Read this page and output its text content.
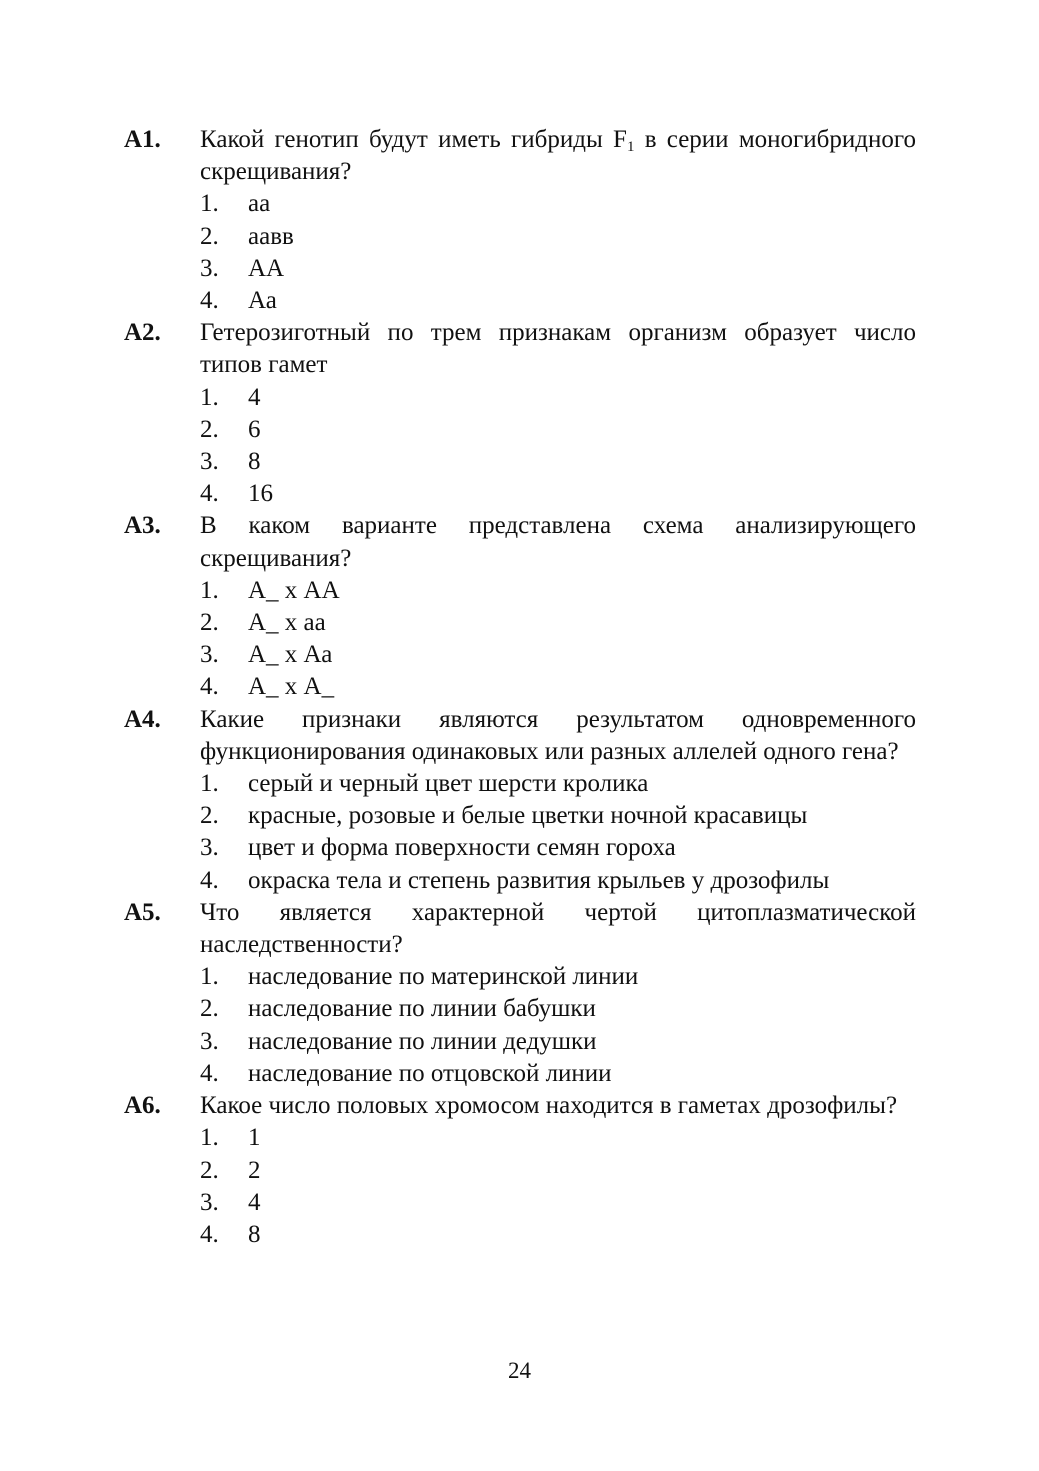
A1. Какой генотип будут иметь гибриды $F_1$ в серии моногибридного скрещивания?
1.	аа
2.	аавв
3.	АА
4.	Аа
A2. Гетерозиготный по трем признакам организм образует число типов гамет
1.	4
2.	6
3.	8
4.	16
A3. В каком варианте представлена схема анализирующего скрещивания?
1.	А_ х АА
2.	А_ х аа
3.	А_ х Аа
4.	А_ х А_
A4. Какие признаки являются результатом одновременного функционирования одинаковых или разных аллелей одного гена?
1.	серый и черный цвет шерсти кролика
2.	красные, розовые и белые цветки ночной красавицы
3.	цвет и форма поверхности семян гороха
4.	окраска тела и степень развития крыльев у дрозофилы
A5. Что является характерной чертой цитоплазматической наследственности?
1.	наследование по материнской линии
2.	наследование по линии бабушки
3.	наследование по линии дедушки
4.	наследование по отцовской линии
A6. Какое число половых хромосом находится в гаметах дрозофилы?
1.	1
2.	2
3.	4
4.	8
24
